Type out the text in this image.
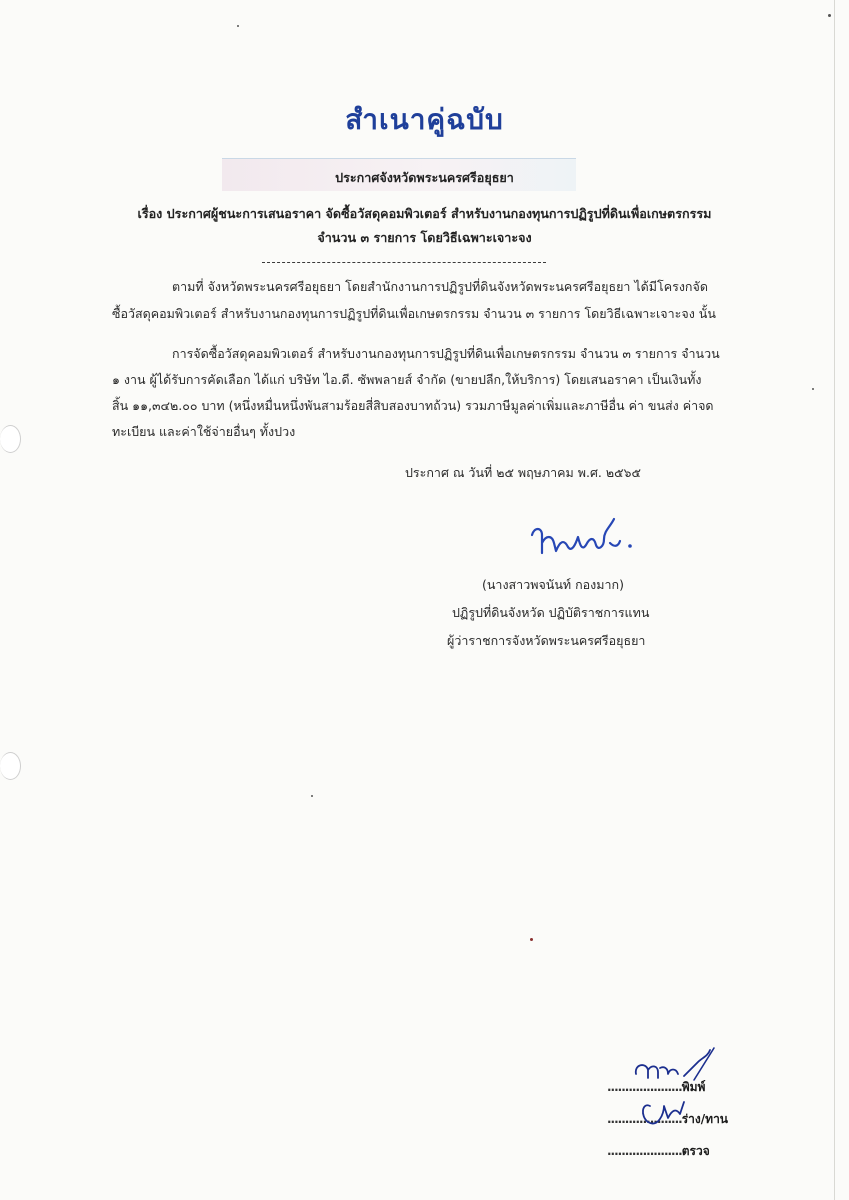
สำเนาคู่ฉบับ
ประกาศจังหวัดพระนครศรีอยุธยา
เรื่อง ประกาศผู้ชนะการเสนอราคา จัดซื้อวัสดุคอมพิวเตอร์ สำหรับงานกองทุนการปฏิรูปที่ดินเพื่อเกษตรกรรม
จำนวน ๓ รายการ โดยวิธีเฉพาะเจาะจง
ตามที่ จังหวัดพระนครศรีอยุธยา โดยสำนักงานการปฏิรูปที่ดินจังหวัดพระนครศรีอยุธยา ได้มีโครงกจัด
ซื้อวัสดุคอมพิวเตอร์ สำหรับงานกองทุนการปฏิรูปที่ดินเพื่อเกษตรกรรม จำนวน ๓ รายการ โดยวิธีเฉพาะเจาะจง นั้น
การจัดซื้อวัสดุคอมพิวเตอร์ สำหรับงานกองทุนการปฏิรูปที่ดินเพื่อเกษตรกรรม จำนวน ๓ รายการ จำนวน
๑ งาน ผู้ได้รับการคัดเลือก ได้แก่ บริษัท ไอ.ดี. ซัพพลายส์ จำกัด (ขายปลีก,ให้บริการ) โดยเสนอราคา เป็นเงินทั้ง
สิ้น ๑๑,๓๔๒.๐๐ บาท (หนึ่งหมื่นหนึ่งพันสามร้อยสี่สิบสองบาทถ้วน) รวมภาษีมูลค่าเพิ่มและภาษีอื่น ค่า ขนส่ง ค่าจด
ทะเบียน และค่าใช้จ่ายอื่นๆ ทั้งปวง
ประกาศ ณ วันที่ ๒๕ พฤษภาคม พ.ศ. ๒๕๖๕
(นางสาวพจนันท์ กองมาก)
ปฏิรูปที่ดินจังหวัด ปฏิบัติราชการแทน
ผู้ว่าราชการจังหวัดพระนครศรีอยุธยา
.....................พิมพ์
.....................ร่าง/ทาน
.....................ตรวจ
